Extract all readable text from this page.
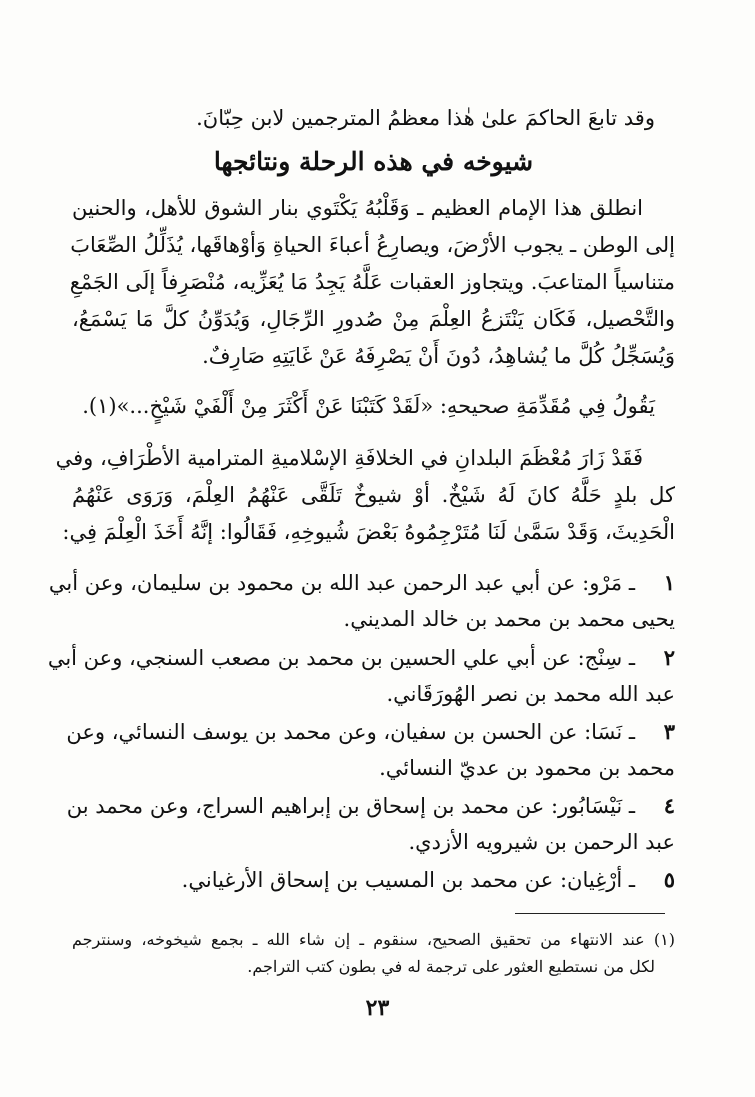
وقد تابعَ الحاكمَ علىٰ هٰذا معظمُ المترجمين لابن حِبّانَ.
شيوخه في هذه الرحلة ونتائجها
انطلق هذا الإمام العظيم ـ وَقَلْبُهُ يَكْتَوي بنار الشوق للأهل، والحنين
إلى الوطن ـ يجوب الأرْضَ، ويصارِعُ أعباءَ الحياةِ وَأوْهاقَها، يُذَلِّلُ الصِّعَابَ
متناسياً المتاعبَ. ويتجاوز العقبات عَلَّهُ يَجِدُ مَا يُعَزِّيه، مُنْصَرِفاً إلَى الجَمْعِ
والتَّحْصيل، فَكَان يَنْتَزعُ العِلْمَ مِنْ صُدورِ الرِّجَالِ، وَيُدَوِّنُ كلَّ مَا يَسْمَعُ،
وَيُسَجِّلُ كُلَّ ما يُشاهِدُ، دُونَ أَنْ يَصْرِفَهُ عَنْ غَايَتِهِ صَارِفٌ.
يَقُولُ فِي مُقَدِّمَةِ صحيحهِ: «لَقَدْ كَتَبْنَا عَنْ أَكْثَرَ مِنْ أَلْفَيْ شَيْخٍ...»(١).
فَقَدْ زَارَ مُعْظَمَ البلدانِ في الخلافَةِ الإسْلاميةِ المترامية الأطْرَافِ، وفي
كل بلدٍ حَلَّهُ كانَ لَهُ شَيْخٌ. أوْ شيوخٌ تَلَقَّى عَنْهُمُ العِلْمَ، وَرَوَى عَنْهُمُ
الْحَدِيثَ، وَقَدْ سَمَّىٰ لَنَا مُتَرْجِمُوهُ بَعْضَ شُيوخِهِ، فَقَالُوا: إنَّهُ أَخَذَ الْعِلْمَ فِي:
١
ـ مَرْو: عن أبي عبد الرحمن عبد الله بن محمود بن سليمان، وعن أبي
يحيى محمد بن محمد بن خالد المديني.
٢
ـ سِنْج: عن أبي علي الحسين بن محمد بن مصعب السنجي، وعن أبي
عبد الله محمد بن نصر الهُورَقَاني.
٣
ـ نَسَا: عن الحسن بن سفيان، وعن محمد بن يوسف النسائي، وعن
محمد بن محمود بن عديّ النسائي.
٤
ـ نَيْسَابُور: عن محمد بن إسحاق بن إبراهيم السراج، وعن محمد بن
عبد الرحمن بن شيرويه الأزدي.
٥
ـ أرْغِيان: عن محمد بن المسيب بن إسحاق الأرغياني.
(١) عند الانتهاء من تحقيق الصحيح، سنقوم ـ إن شاء الله ـ بجمع شيخوخه، وسنترجم
لكل من نستطيع العثور على ترجمة له في بطون كتب التراجم.
٢٣
